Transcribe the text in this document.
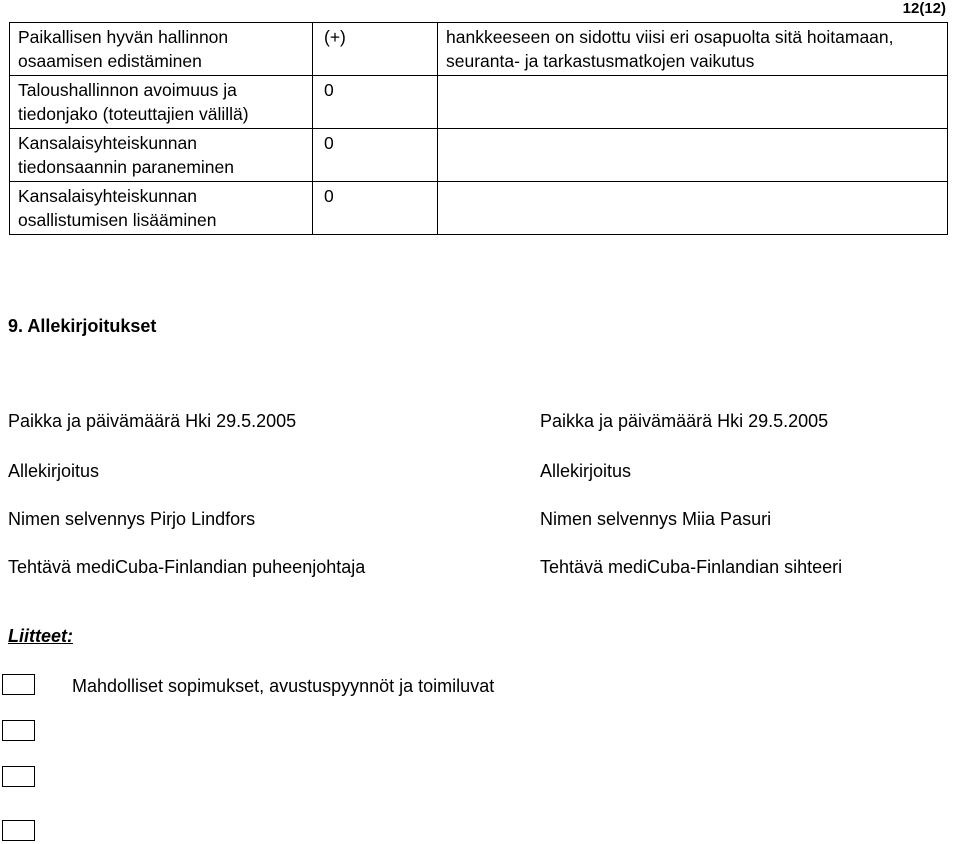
12(12)
Paikallisen hyvän hallinnon osaamisen edistäminen	(+)	hankkeeseen on sidottu viisi eri osapuolta sitä hoitamaan, seuranta- ja tarkastusmatkojen vaikutus
Taloushallinnon avoimuus ja tiedonjako (toteuttajien välillä)	0	
Kansalaisyhteiskunnan tiedonsaannin paraneminen	0	
Kansalaisyhteiskunnan osallistumisen lisääminen	0	
9. Allekirjoitukset
Paikka ja päivämäärä Hki 29.5.2005
Allekirjoitus
Nimen selvennys Pirjo Lindfors
Tehtävä mediCuba-Finlandian puheenjohtaja
Paikka ja päivämäärä Hki 29.5.2005
Allekirjoitus
Nimen selvennys Miia Pasuri
Tehtävä mediCuba-Finlandian sihteeri
Liitteet:
Mahdolliset sopimukset, avustuspyynnöt ja toimiluvat
